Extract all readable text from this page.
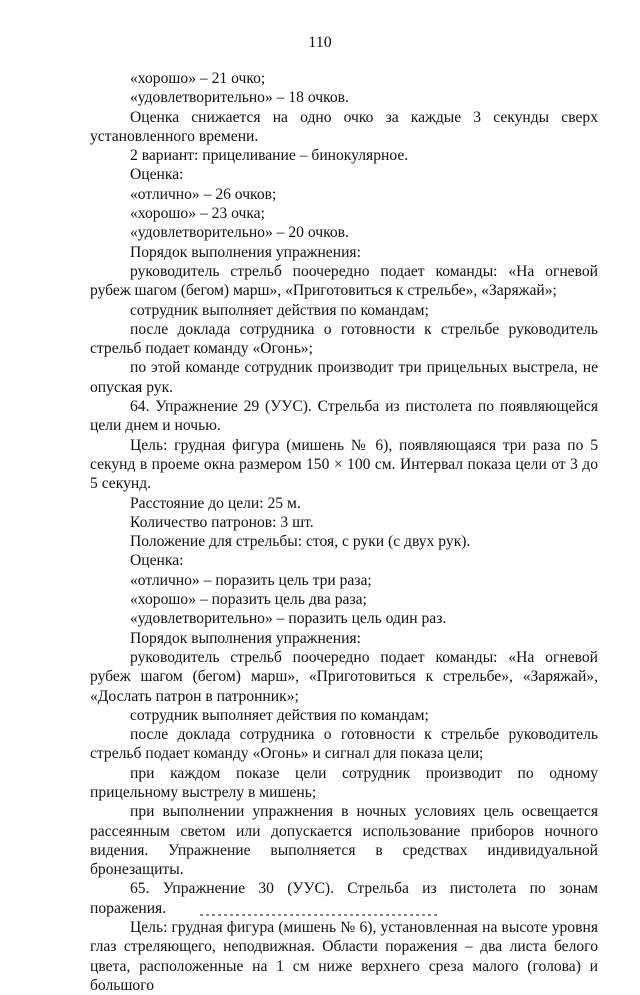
110

«хорошо» – 21 очко;

«удовлетворительно» – 18 очков.

Оценка снижается на одно очко за каждые 3 секунды сверх установленного времени.

2 вариант: прицеливание – бинокулярное.

Оценка:

«отлично» – 26 очков;

«хорошо» – 23 очка;

«удовлетворительно» – 20 очков.

Порядок выполнения упражнения:

руководитель стрельб поочередно подает команды: «На огневой рубеж шагом (бегом) марш», «Приготовиться к стрельбе», «Заряжай»;

сотрудник выполняет действия по командам;

после доклада сотрудника о готовности к стрельбе руководитель стрельб подает команду «Огонь»;

по этой команде сотрудник производит три прицельных выстрела, не опуская рук.

64. Упражнение 29 (УУС). Стрельба из пистолета по появляющейся цели днем и ночью.

Цель: грудная фигура (мишень № 6), появляющаяся три раза по 5 секунд в проеме окна размером 150 × 100 см. Интервал показа цели от 3 до 5 секунд.

Расстояние до цели: 25 м.

Количество патронов: 3 шт.

Положение для стрельбы: стоя, с руки (с двух рук).

Оценка:

«отлично» – поразить цель три раза;

«хорошо» – поразить цель два раза;

«удовлетворительно» – поразить цель один раз.

Порядок выполнения упражнения:

руководитель стрельб поочередно подает команды: «На огневой рубеж шагом (бегом) марш», «Приготовиться к стрельбе», «Заряжай», «Дослать патрон в патронник»;

сотрудник выполняет действия по командам;

после доклада сотрудника о готовности к стрельбе руководитель стрельб подает команду «Огонь» и сигнал для показа цели;

при каждом показе цели сотрудник производит по одному прицельному выстрелу в мишень;

при выполнении упражнения в ночных условиях цель освещается рассеянным светом или допускается использование приборов ночного видения. Упражнение выполняется в средствах индивидуальной бронезащиты.

65. Упражнение 30 (УУС). Стрельба из пистолета по зонам поражения.

Цель: грудная фигура (мишень № 6), установленная на высоте уровня глаз стреляющего, неподвижная. Области поражения – два листа белого цвета, расположенные на 1 см ниже верхнего среза малого (голова) и большого
